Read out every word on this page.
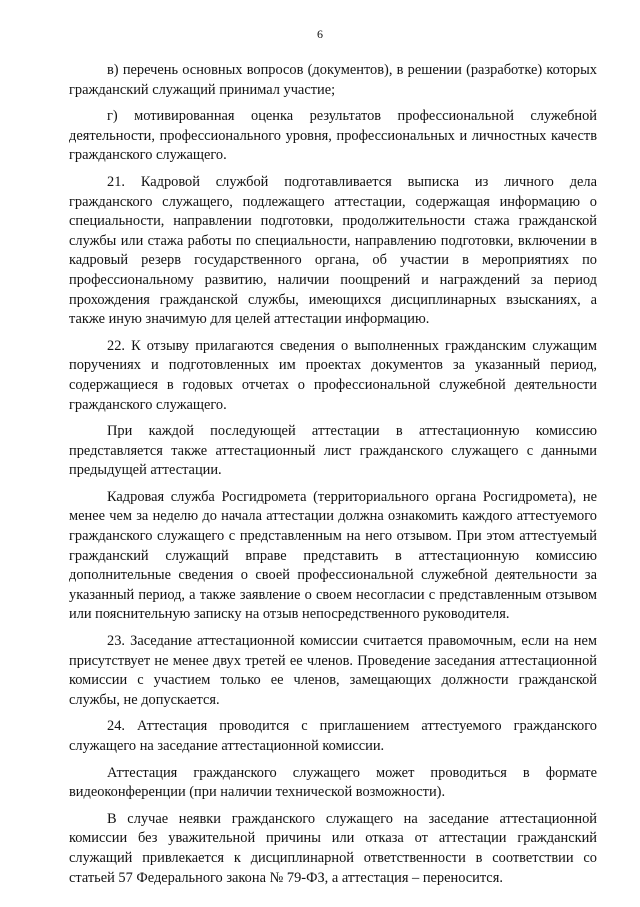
6

в) перечень основных вопросов (документов), в решении (разработке) которых гражданский служащий принимал участие;

г) мотивированная оценка результатов профессиональной служебной деятельности, профессионального уровня, профессиональных и личностных качеств гражданского служащего.

21. Кадровой службой подготавливается выписка из личного дела гражданского служащего, подлежащего аттестации, содержащая информацию о специальности, направлении подготовки, продолжительности стажа гражданской службы или стажа работы по специальности, направлению подготовки, включении в кадровый резерв государственного органа, об участии в мероприятиях по профессиональному развитию, наличии поощрений и награждений за период прохождения гражданской службы, имеющихся дисциплинарных взысканиях, а также иную значимую для целей аттестации информацию.

22. К отзыву прилагаются сведения о выполненных гражданским служащим поручениях и подготовленных им проектах документов за указанный период, содержащиеся в годовых отчетах о профессиональной служебной деятельности гражданского служащего.

При каждой последующей аттестации в аттестационную комиссию представляется также аттестационный лист гражданского служащего с данными предыдущей аттестации.

Кадровая служба Росгидромета (территориального органа Росгидромета), не менее чем за неделю до начала аттестации должна ознакомить каждого аттестуемого гражданского служащего с представленным на него отзывом. При этом аттестуемый гражданский служащий вправе представить в аттестационную комиссию дополнительные сведения о своей профессиональной служебной деятельности за указанный период, а также заявление о своем несогласии с представленным отзывом или пояснительную записку на отзыв непосредственного руководителя.

23. Заседание аттестационной комиссии считается правомочным, если на нем присутствует не менее двух третей ее членов. Проведение заседания аттестационной комиссии с участием только ее членов, замещающих должности гражданской службы, не допускается.

24. Аттестация проводится с приглашением аттестуемого гражданского служащего на заседание аттестационной комиссии.

Аттестация гражданского служащего может проводиться в формате видеоконференции (при наличии технической возможности).

В случае неявки гражданского служащего на заседание аттестационной комиссии без уважительной причины или отказа от аттестации гражданский служащий привлекается к дисциплинарной ответственности в соответствии со статьей 57 Федерального закона № 79-ФЗ, а аттестация – переносится.
